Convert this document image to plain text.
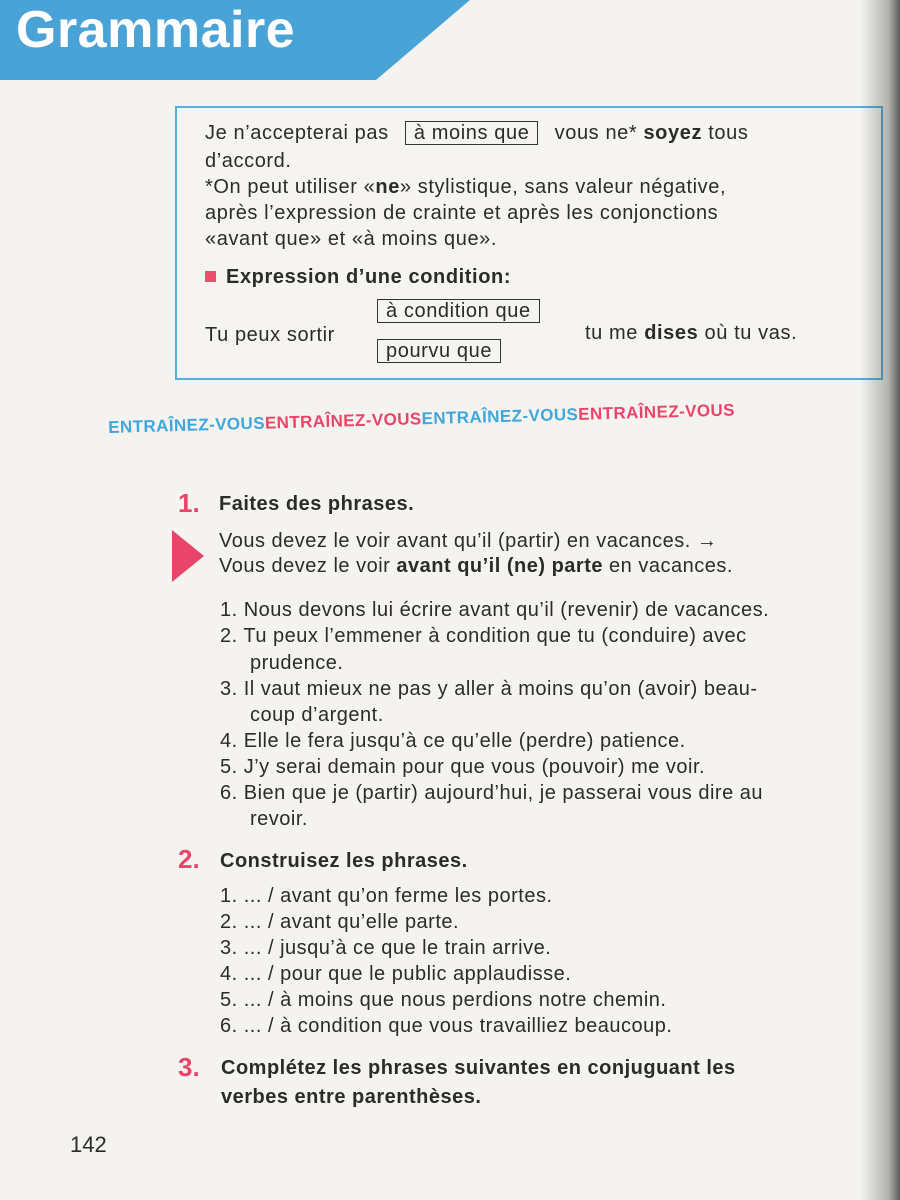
Grammaire
Je n’accepterai pas à moins que vous ne* soyez tous
d’accord.
*On peut utiliser «ne» stylistique, sans valeur négative,
après l’expression de crainte et après les conjonctions
«avant que» et «à moins que».
Expression d’une condition:
Tu peux sortir
à condition que
pourvu que
tu me dises où tu vas.
ENTRAÎNEZ-VOUSENTRAÎNEZ-VOUSENTRAÎNEZ-VOUSENTRAÎNEZ-VOUS
1. Faites des phrases.
Vous devez le voir avant qu’il (partir) en vacances. →
Vous devez le voir avant qu’il (ne) parte en vacances.
1. Nous devons lui écrire avant qu’il (revenir) de vacances.
2. Tu peux l’emmener à condition que tu (conduire) avec
prudence.
3. Il vaut mieux ne pas y aller à moins qu’on (avoir) beau-
coup d’argent.
4. Elle le fera jusqu’à ce qu’elle (perdre) patience.
5. J’y serai demain pour que vous (pouvoir) me voir.
6. Bien que je (partir) aujourd’hui, je passerai vous dire au
revoir.
2. Construisez les phrases.
1. ... / avant qu’on ferme les portes.
2. ... / avant qu’elle parte.
3. ... / jusqu’à ce que le train arrive.
4. ... / pour que le public applaudisse.
5. ... / à moins que nous perdions notre chemin.
6. ... / à condition que vous travailliez beaucoup.
3. Complétez les phrases suivantes en conjuguant les
verbes entre parenthèses.
142
